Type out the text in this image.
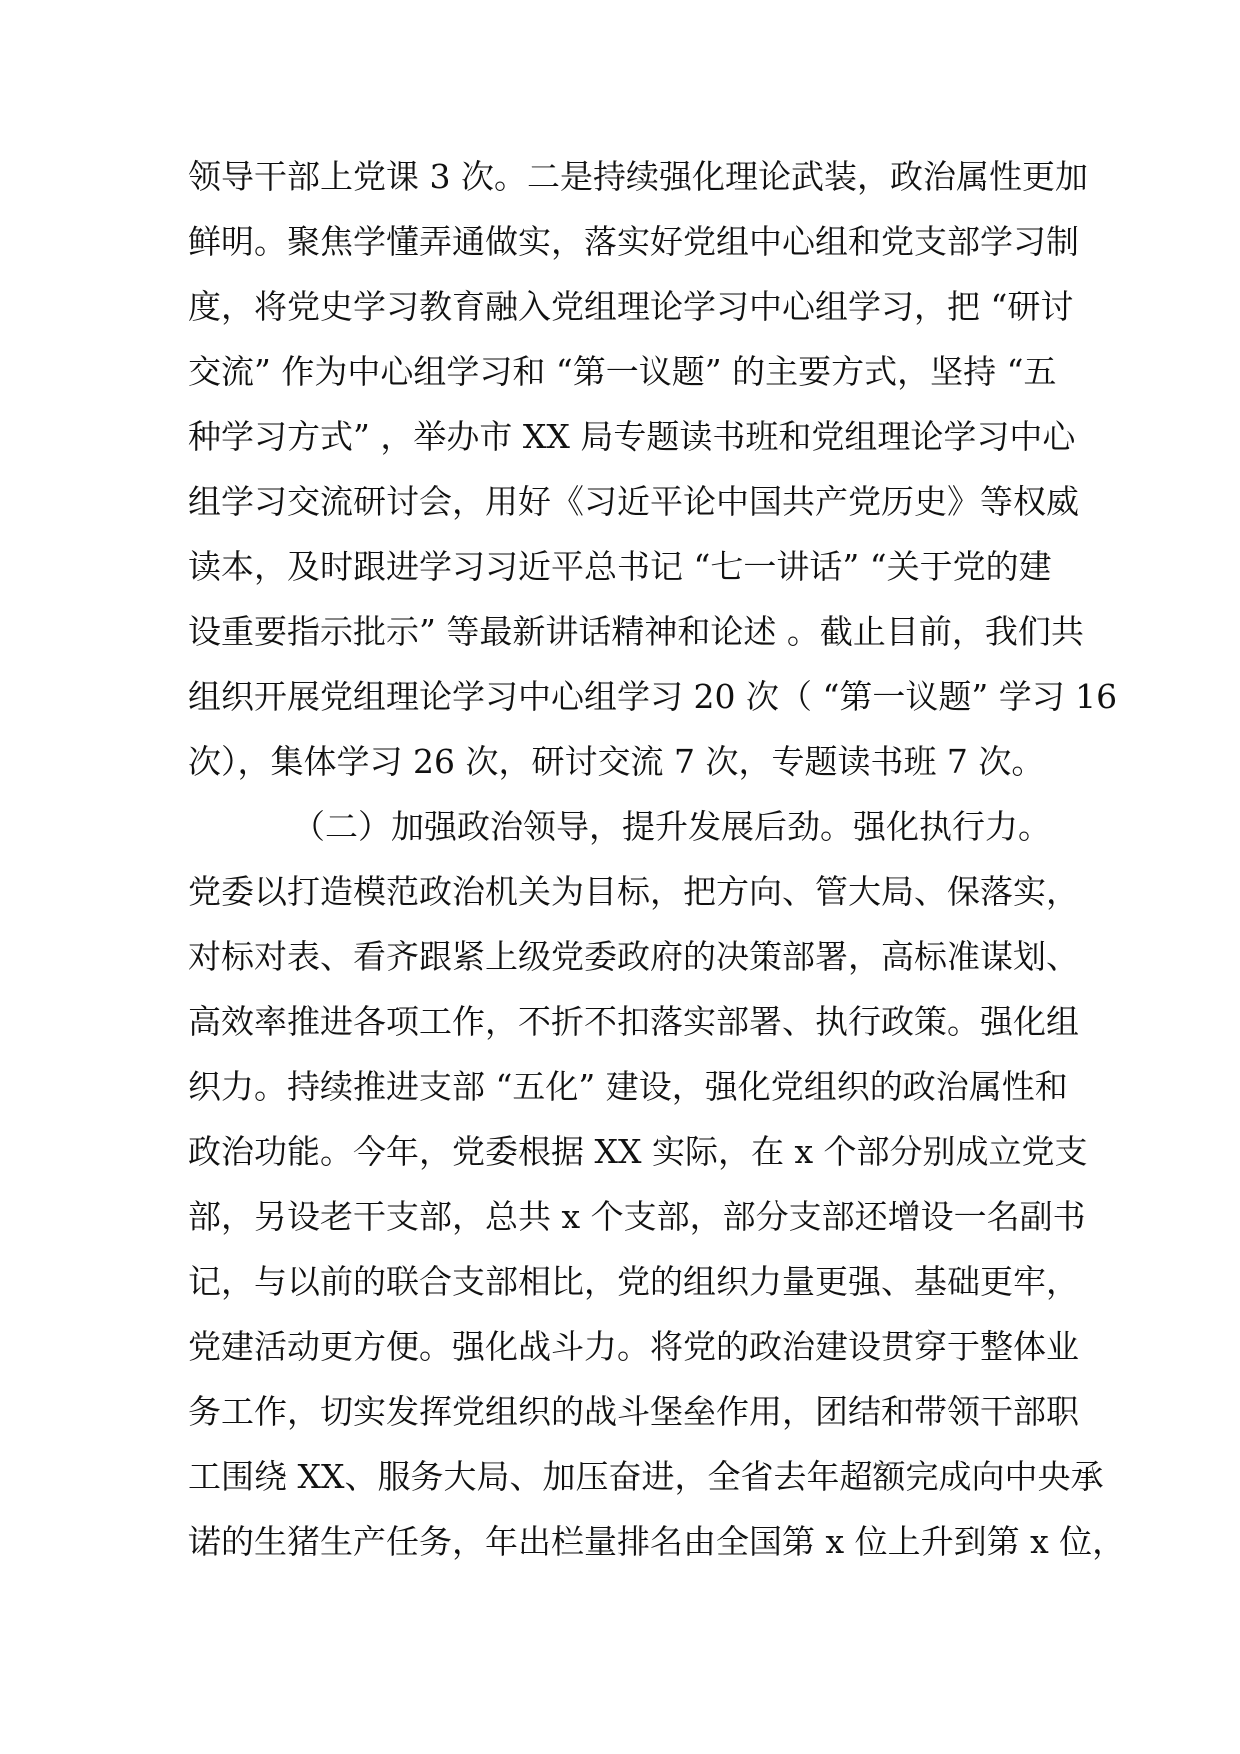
领导干部上党课 3 次。二是持续强化理论武装，政治属性更加
鲜明。聚焦学懂弄通做实，落实好党组中心组和党支部学习制
度，将党史学习教育融入党组理论学习中心组学习，把 “研讨
交流” 作为中心组学习和 “第一议题” 的主要方式，坚持 “五
种学习方式” ，举办市 XX 局专题读书班和党组理论学习中心
组学习交流研讨会，用好《习近平论中国共产党历史》等权威
读本，及时跟进学习习近平总书记 “七一讲话” “关于党的建
设重要指示批示” 等最新讲话精神和论述 。截止目前，我们共
组织开展党组理论学习中心组学习 20 次（ “第一议题” 学习 16
次），集体学习 26 次，研讨交流 7 次，专题读书班 7 次。
（二）加强政治领导，提升发展后劲。强化执行力。
党委以打造模范政治机关为目标，把方向、管大局、保落实，
对标对表、看齐跟紧上级党委政府的决策部署，高标准谋划、
高效率推进各项工作，不折不扣落实部署、执行政策。强化组
织力。持续推进支部 “五化” 建设，强化党组织的政治属性和
政治功能。今年，党委根据 XX 实际，在 x 个部分别成立党支
部，另设老干支部，总共 x 个支部，部分支部还增设一名副书
记，与以前的联合支部相比，党的组织力量更强、基础更牢，
党建活动更方便。强化战斗力。将党的政治建设贯穿于整体业
务工作，切实发挥党组织的战斗堡垒作用，团结和带领干部职
工围绕 XX、服务大局、加压奋进，全省去年超额完成向中央承
诺的生猪生产任务，年出栏量排名由全国第 x 位上升到第 x 位，
